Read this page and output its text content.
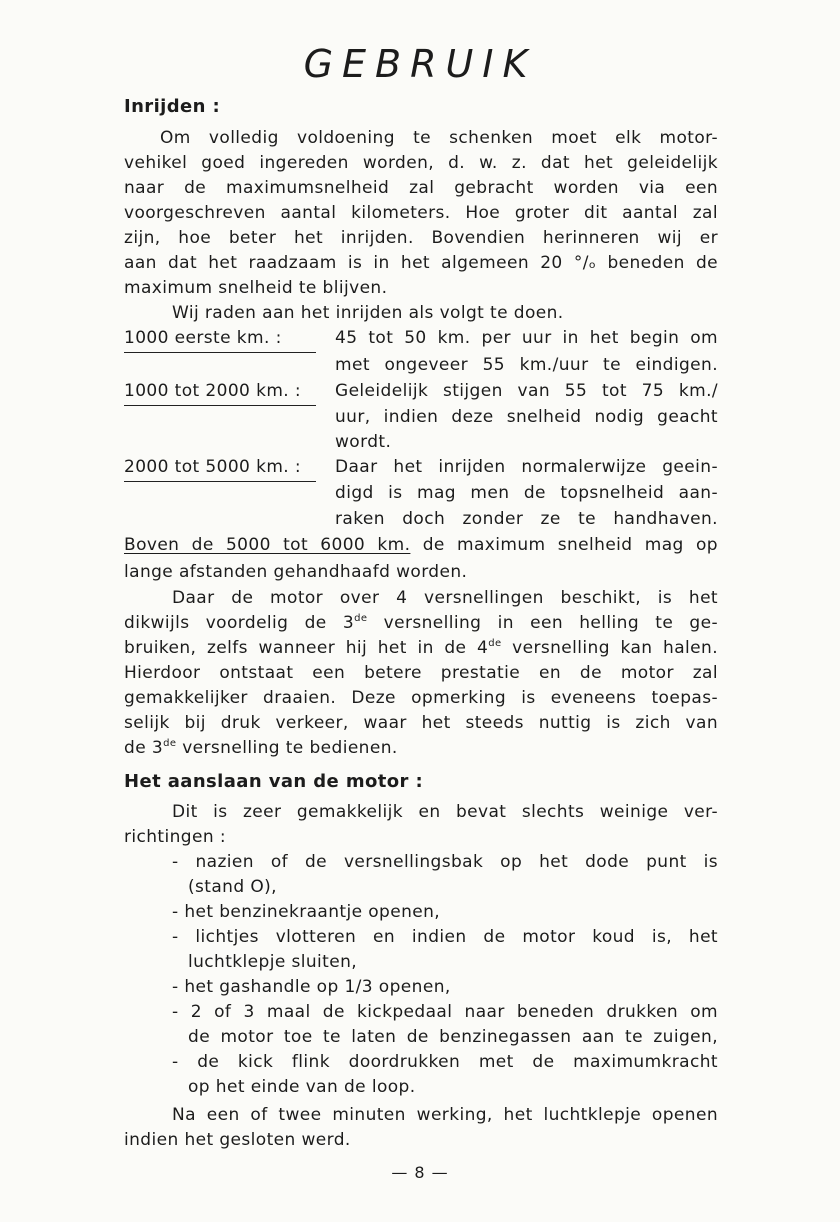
GEBRUIK
Inrijden :
Om volledig voldoening te schenken moet elk motor-
vehikel goed ingereden worden, d. w. z. dat het geleidelijk
naar de maximumsnelheid zal gebracht worden via een
voorgeschreven aantal kilometers. Hoe groter dit aantal zal
zijn, hoe beter het inrijden. Bovendien herinneren wij er
aan dat het raadzaam is in het algemeen 20 °/ₒ beneden de
maximum snelheid te blijven.
Wij raden aan het inrijden als volgt te doen.
1000 eerste km. :	45 tot 50 km. per uur in het begin om
met ongeveer 55 km./uur te eindigen.
1000 tot 2000 km. :	Geleidelijk stijgen van 55 tot 75 km./
uur, indien deze snelheid nodig geacht
wordt.
2000 tot 5000 km. :	Daar het inrijden normalerwijze geein-
digd is mag men de topsnelheid aan-
raken doch zonder ze te handhaven.
Boven de 5000 tot 6000 km. de maximum snelheid mag op
lange afstanden gehandhaafd worden.
Daar de motor over 4 versnellingen beschikt, is het
dikwijls voordelig de 3de versnelling in een helling te ge-
bruiken, zelfs wanneer hij het in de 4de versnelling kan halen.
Hierdoor ontstaat een betere prestatie en de motor zal
gemakkelijker draaien. Deze opmerking is eveneens toepas-
selijk bij druk verkeer, waar het steeds nuttig is zich van
de 3de versnelling te bedienen.
Het aanslaan van de motor :
Dit is zeer gemakkelijk en bevat slechts weinige ver-
richtingen :
- nazien of de versnellingsbak op het dode punt is
(stand O),
- het benzinekraantje openen,
- lichtjes vlotteren en indien de motor koud is, het
luchtklepje sluiten,
- het gashandle op 1/3 openen,
- 2 of 3 maal de kickpedaal naar beneden drukken om
de motor toe te laten de benzinegassen aan te zuigen,
- de kick flink doordrukken met de maximumkracht
op het einde van de loop.
Na een of twee minuten werking, het luchtklepje openen
indien het gesloten werd.
— 8 —
